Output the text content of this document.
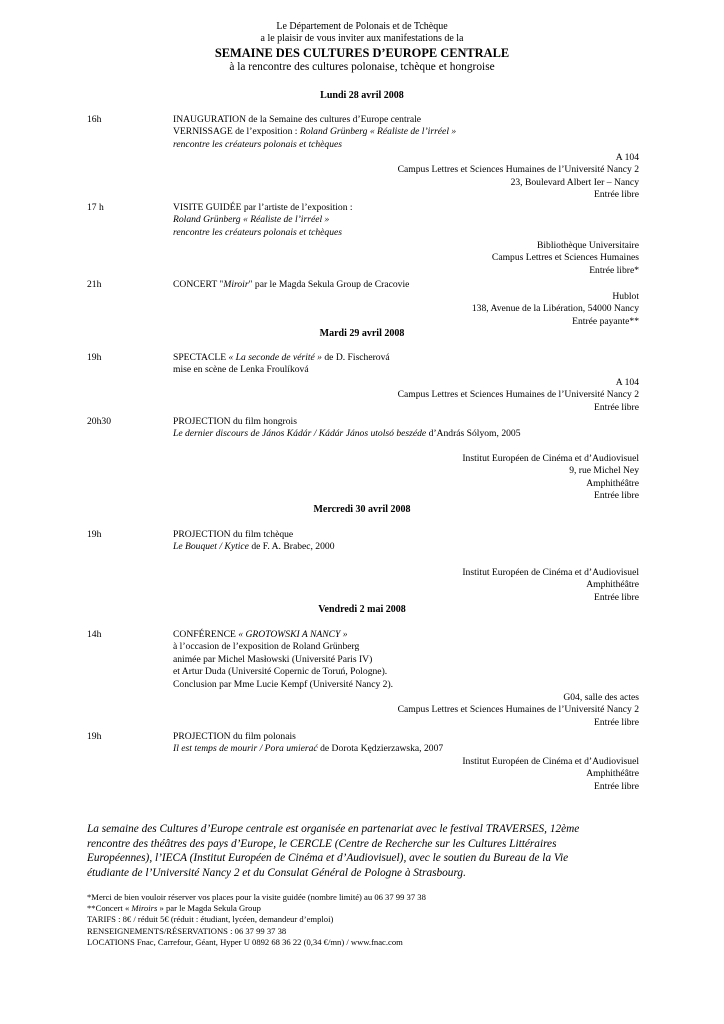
Le Département de Polonais et de Tchèque
a le plaisir de vous inviter aux manifestations de la
SEMAINE DES CULTURES D’EUROPE CENTRALE
à la rencontre des cultures polonaise, tchèque et hongroise
Lundi 28 avril 2008
16h	INAUGURATION de la Semaine des cultures d’Europe centrale
VERNISSAGE de l’exposition : Roland Grünberg « Réaliste de l’irréel »
rencontre les créateurs polonais et tchèques
A 104
Campus Lettres et Sciences Humaines de l’Université Nancy 2
23, Boulevard Albert Ier – Nancy
Entrée libre
17 h	VISITE GUIDÉE par l’artiste de l’exposition :
Roland Grünberg « Réaliste de l’irréel »
rencontre les créateurs polonais et tchèques
Bibliothèque Universitaire
Campus Lettres et Sciences Humaines
Entrée libre*
21h	CONCERT "Miroir" par le Magda Sekula Group de Cracovie
Hublot
138, Avenue de la Libération, 54000 Nancy
Entrée payante**
Mardi 29 avril 2008
19h	SPECTACLE « La seconde de vérité » de D. Fischerová
mise en scène de Lenka Froulíková
A 104
Campus Lettres et Sciences Humaines de l’Université Nancy 2
Entrée libre
20h30	PROJECTION du film hongrois
Le dernier discours de János Kádár / Kádár János utolsó beszéde d’András Sólyom, 2005
Institut Européen de Cinéma et d’Audiovisuel
9, rue Michel Ney
Amphithéâtre
Entrée libre
Mercredi 30 avril 2008
19h	PROJECTION du film tchèque
Le Bouquet / Kytice de F. A. Brabec, 2000
Institut Européen de Cinéma et d’Audiovisuel
Amphithéâtre
Entrée libre
Vendredi 2 mai 2008
14h	CONFÉRENCE « GROTOWSKI A NANCY »
à l’occasion de l’exposition de Roland Grünberg
animée par Michel Masłowski (Université Paris IV)
et Artur Duda (Université Copernic de Toruń, Pologne).
Conclusion par Mme Lucie Kempf (Université Nancy 2).
G04, salle des actes
Campus Lettres et Sciences Humaines de l’Université Nancy 2
Entrée libre
19h	PROJECTION du film polonais
Il est temps de mourir / Pora umierać de Dorota Kędzierzawska, 2007
Institut Européen de Cinéma et d’Audiovisuel
Amphithéâtre
Entrée libre
La semaine des Cultures d’Europe centrale est organisée en partenariat avec le festival TRAVERSES, 12ème
rencontre des théâtres des pays d’Europe, le CERCLE (Centre de Recherche sur les Cultures Littéraires
Européennes), l’IECA (Institut Européen de Cinéma et d’Audiovisuel), avec le soutien du Bureau de la Vie
étudiante de l’Université Nancy 2 et du Consulat Général de Pologne à Strasbourg.
*Merci de bien vouloir réserver vos places pour la visite guidée (nombre limité) au 06 37 99 37 38
**Concert « Miroirs » par le Magda Sekula Group
TARIFS : 8€ / réduit 5€ (réduit : étudiant, lycéen, demandeur d’emploi)
RENSEIGNEMENTS/RÉSERVATIONS : 06 37 99 37 38
LOCATIONS Fnac, Carrefour, Géant, Hyper U 0892 68 36 22 (0,34 €/mn) / www.fnac.com
